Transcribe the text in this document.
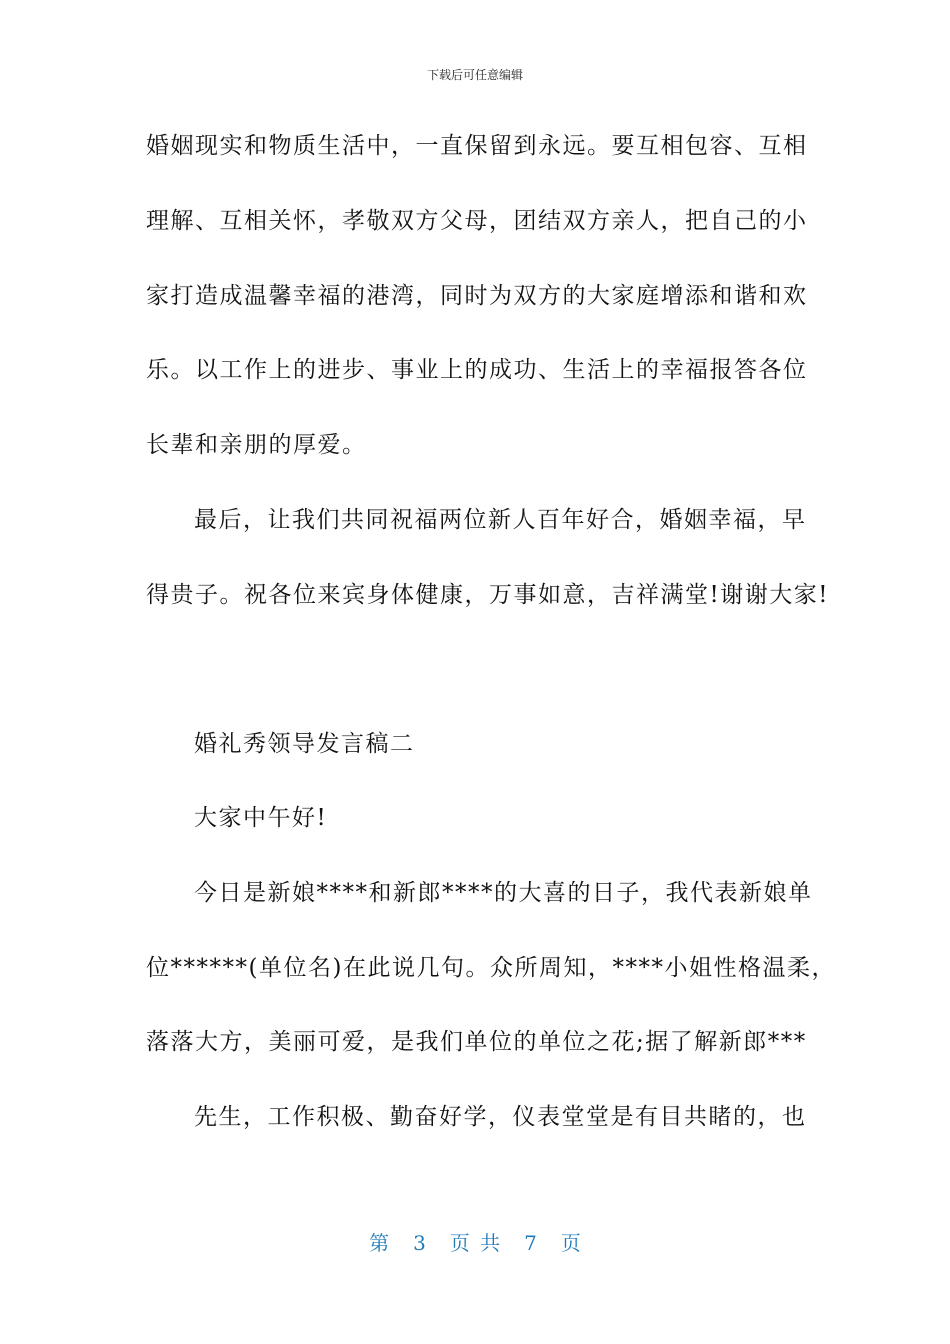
下载后可任意编辑
婚姻现实和物质生活中，一直保留到永远。要互相包容、互相
理解、互相关怀，孝敬双方父母，团结双方亲人，把自己的小
家打造成温馨幸福的港湾，同时为双方的大家庭增添和谐和欢
乐。以工作上的进步、事业上的成功、生活上的幸福报答各位
长辈和亲朋的厚爱。
最后，让我们共同祝福两位新人百年好合，婚姻幸福，早
得贵子。祝各位来宾身体健康，万事如意，吉祥满堂!谢谢大家!
婚礼秀领导发言稿二
大家中午好!
今日是新娘****和新郎****的大喜的日子，我代表新娘单
位******(单位名)在此说几句。众所周知，****小姐性格温柔，
落落大方，美丽可爱，是我们单位的单位之花;据了解新郎***
先生，工作积极、勤奋好学，仪表堂堂是有目共睹的，也
第 3 页 共 7 页
